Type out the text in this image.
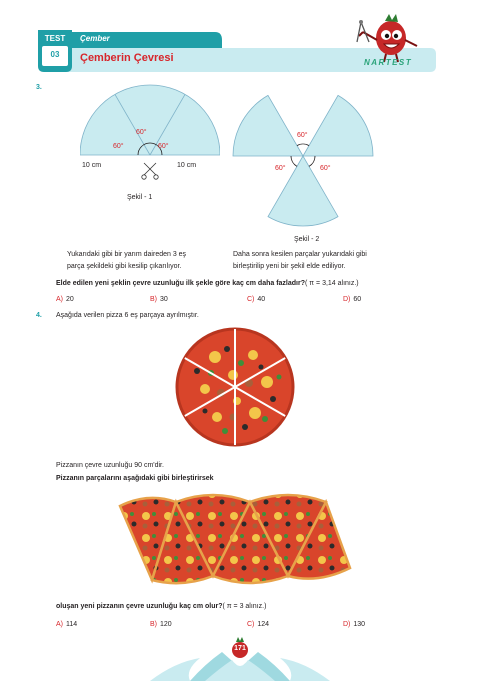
TEST
03
Çember
Çemberin Çevresi	NARTEST
3.
60°
60°	60°
10 cm	10 cm
Şekil - 1
60°
60°	60°
Şekil - 2
Yukarıdaki gibi bir yarım daireden 3 eş
parça şekildeki gibi kesilip çıkarılıyor.
Daha sonra kesilen parçalar yukarıdaki gibi
birleştirilip yeni bir şekil elde ediliyor.
Elde edilen yeni şeklin çevre uzunluğu ilk şekle göre kaç cm daha fazladır?( π = 3,14 alınız.)
A) 20	B) 30	C) 40	D) 60
4. Aşağıda verilen pizza 6 eş parçaya ayrılmıştır.
Pizzanın çevre uzunluğu 90 cm'dir.
Pizzanın parçalarını aşağıdaki gibi birleştirirsek
oluşan yeni pizzanın çevre uzunluğu kaç cm olur?( π = 3 alınız.)
A) 114	B) 120	C) 124	D) 130
171
